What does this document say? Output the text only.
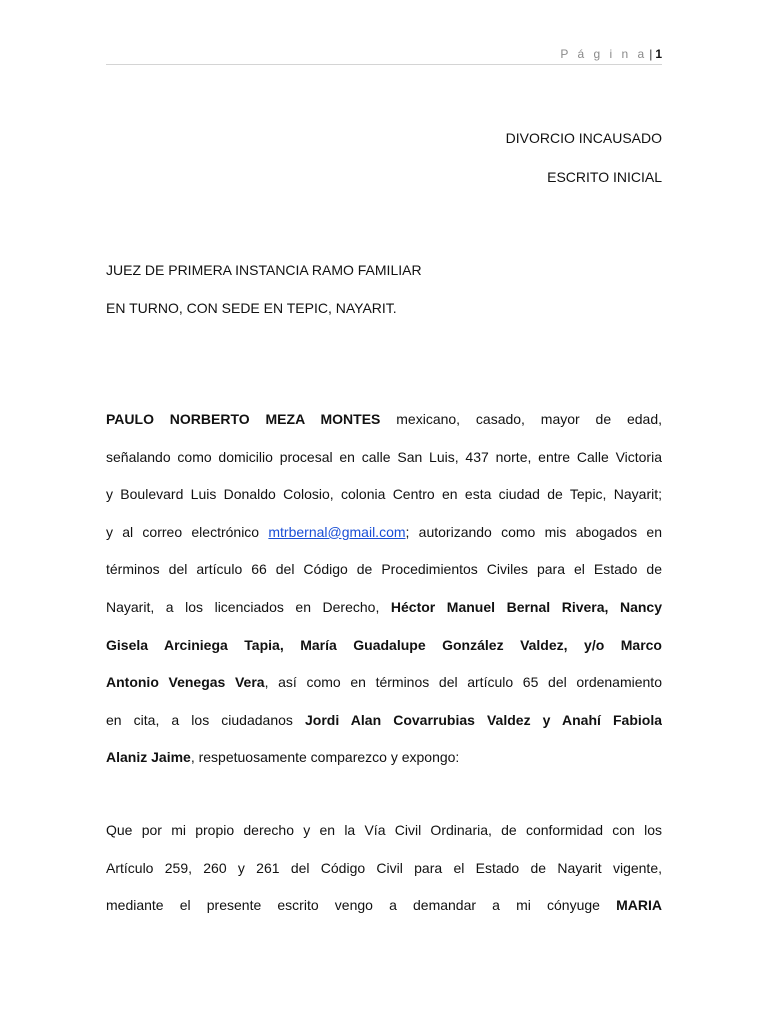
P á g i n a | 1
DIVORCIO INCAUSADO
ESCRITO INICIAL
JUEZ DE PRIMERA INSTANCIA RAMO FAMILIAR
EN TURNO, CON SEDE EN TEPIC, NAYARIT.
PAULO NORBERTO MEZA MONTES mexicano, casado, mayor de edad,
señalando como domicilio procesal en calle San Luis, 437 norte, entre Calle Victoria
y Boulevard Luis Donaldo Colosio, colonia Centro en esta ciudad de Tepic, Nayarit;
y al correo electrónico mtrbernal@gmail.com; autorizando como mis abogados en
términos del artículo 66 del Código de Procedimientos Civiles para el Estado de
Nayarit, a los licenciados en Derecho, Héctor Manuel Bernal Rivera, Nancy
Gisela Arciniega Tapia, María Guadalupe González Valdez, y/o Marco
Antonio Venegas Vera, así como en términos del artículo 65 del ordenamiento
en cita, a los ciudadanos Jordi Alan Covarrubias Valdez y Anahí Fabiola
Alaniz Jaime, respetuosamente comparezco y expongo:
Que por mi propio derecho y en la Vía Civil Ordinaria, de conformidad con los
Artículo 259, 260 y 261 del Código Civil para el Estado de Nayarit vigente,
mediante el presente escrito vengo a demandar a mi cónyuge MARIA
